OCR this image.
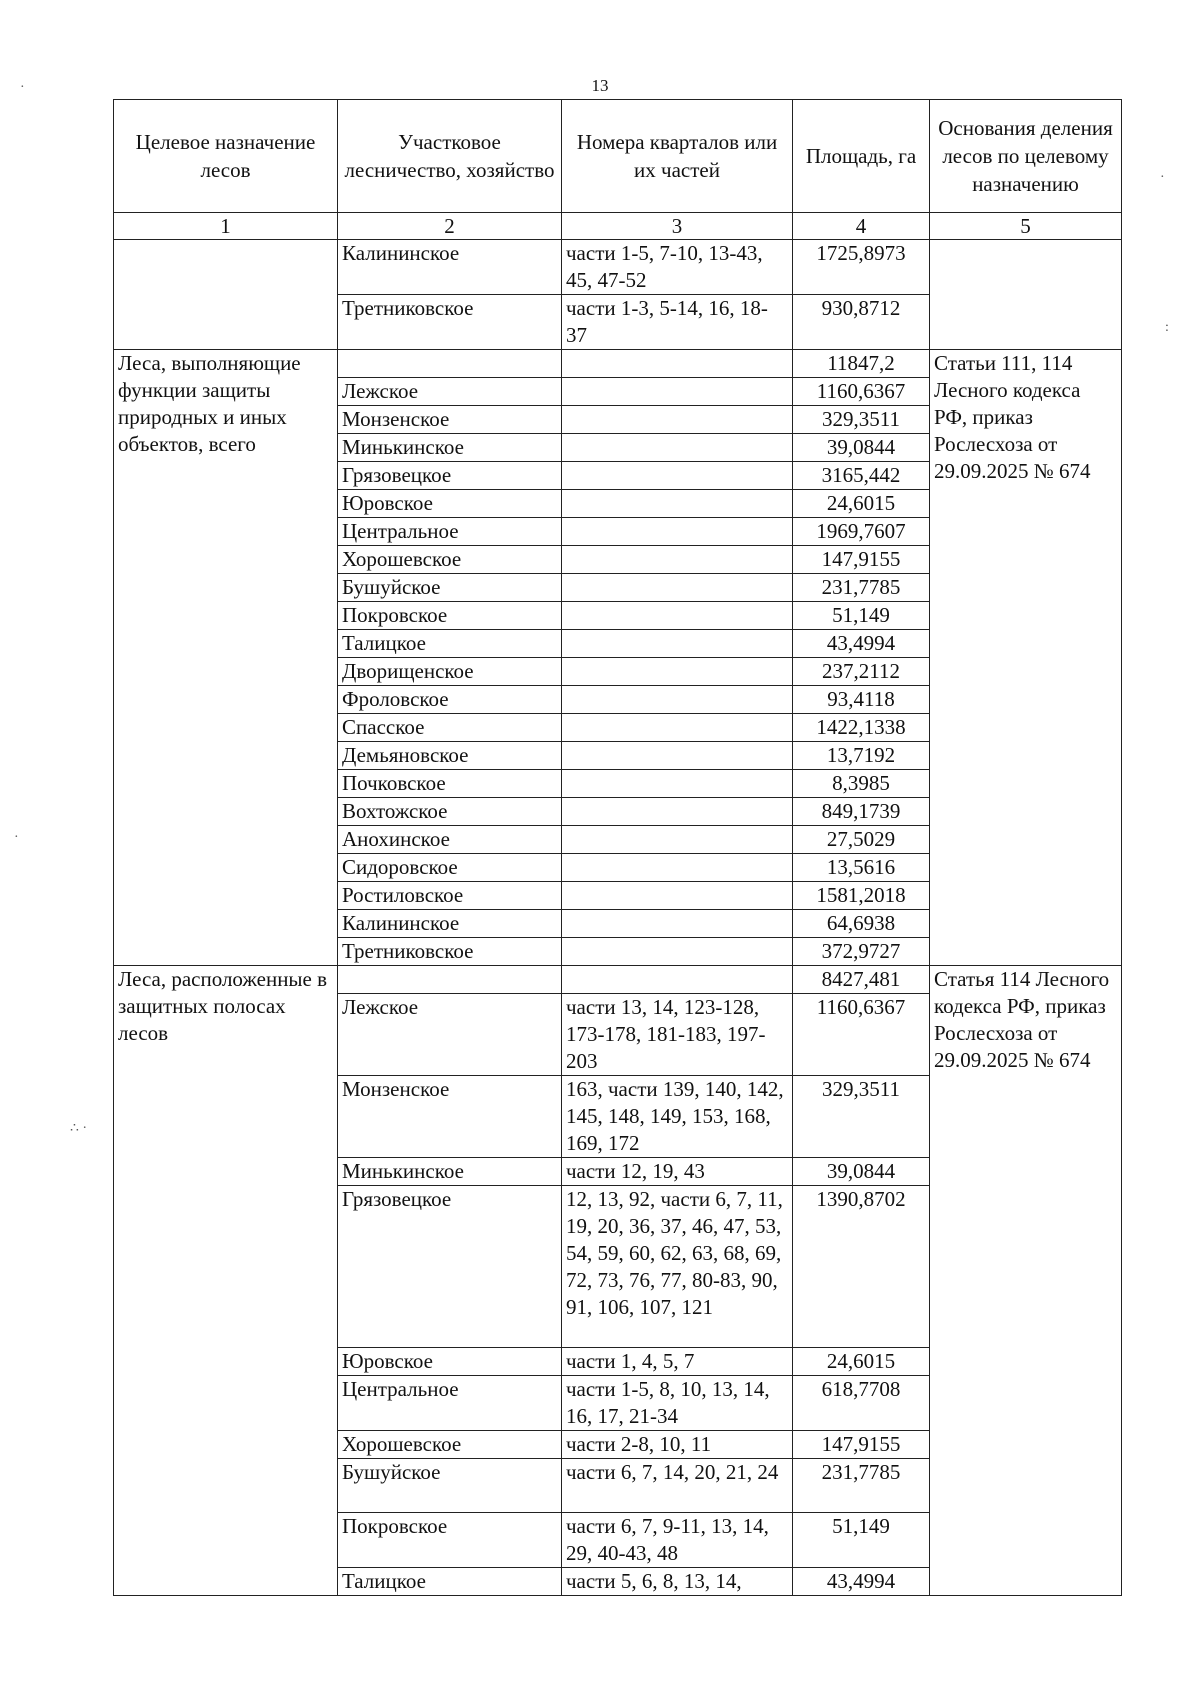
13
Целевое назначение лесов	Участковое лесничество, хозяйство	Номера кварталов или их частей	Площадь, га	Основания деления лесов по целевому назначению
1	2	3	4	5
	Калининское	части 1-5, 7-10, 13-43, 45, 47-52	1725,8973	
	Третниковское	части 1-3, 5-14, 16, 18-37	930,8712	
Леса, выполняющие функции защиты природных и иных объектов, всего			11847,2	Статьи 111, 114 Лесного кодекса РФ, приказ Рослесхоза от 29.09.2025 № 674
	Лежское		1160,6367	
	Монзенское		329,3511	
	Минькинское		39,0844	
	Грязовецкое		3165,442	
	Юровское		24,6015	
	Центральное		1969,7607	
	Хорошевское		147,9155	
	Бушуйское		231,7785	
	Покровское		51,149	
	Талицкое		43,4994	
	Дворищенское		237,2112	
	Фроловское		93,4118	
	Спасское		1422,1338	
	Демьяновское		13,7192	
	Почковское		8,3985	
	Вохтожское		849,1739	
	Анохинское		27,5029	
	Сидоровское		13,5616	
	Ростиловское		1581,2018	
	Калининское		64,6938	
	Третниковское		372,9727	
Леса, расположенные в защитных полосах лесов			8427,481	Статья 114 Лесного кодекса РФ, приказ Рослесхоза от 29.09.2025 № 674
	Лежское	части 13, 14, 123-128, 173-178, 181-183, 197-203	1160,6367	
	Монзенское	163, части 139, 140, 142, 145, 148, 149, 153, 168, 169, 172	329,3511	
	Минькинское	части 12, 19, 43	39,0844	
	Грязовецкое	12, 13, 92, части 6, 7, 11, 19, 20, 36, 37, 46, 47, 53, 54, 59, 60, 62, 63, 68, 69, 72, 73, 76, 77, 80-83, 90, 91, 106, 107, 121	1390,8702	
	Юровское	части 1, 4, 5, 7	24,6015	
	Центральное	части 1-5, 8, 10, 13, 14, 16, 17, 21-34	618,7708	
	Хорошевское	части 2-8, 10, 11	147,9155	
	Бушуйское	части 6, 7, 14, 20, 21, 24	231,7785	
	Покровское	части 6, 7, 9-11, 13, 14, 29, 40-43, 48	51,149	
	Талицкое	части 5, 6, 8, 13, 14,	43,4994	
·
·
:
·
∴ ·
